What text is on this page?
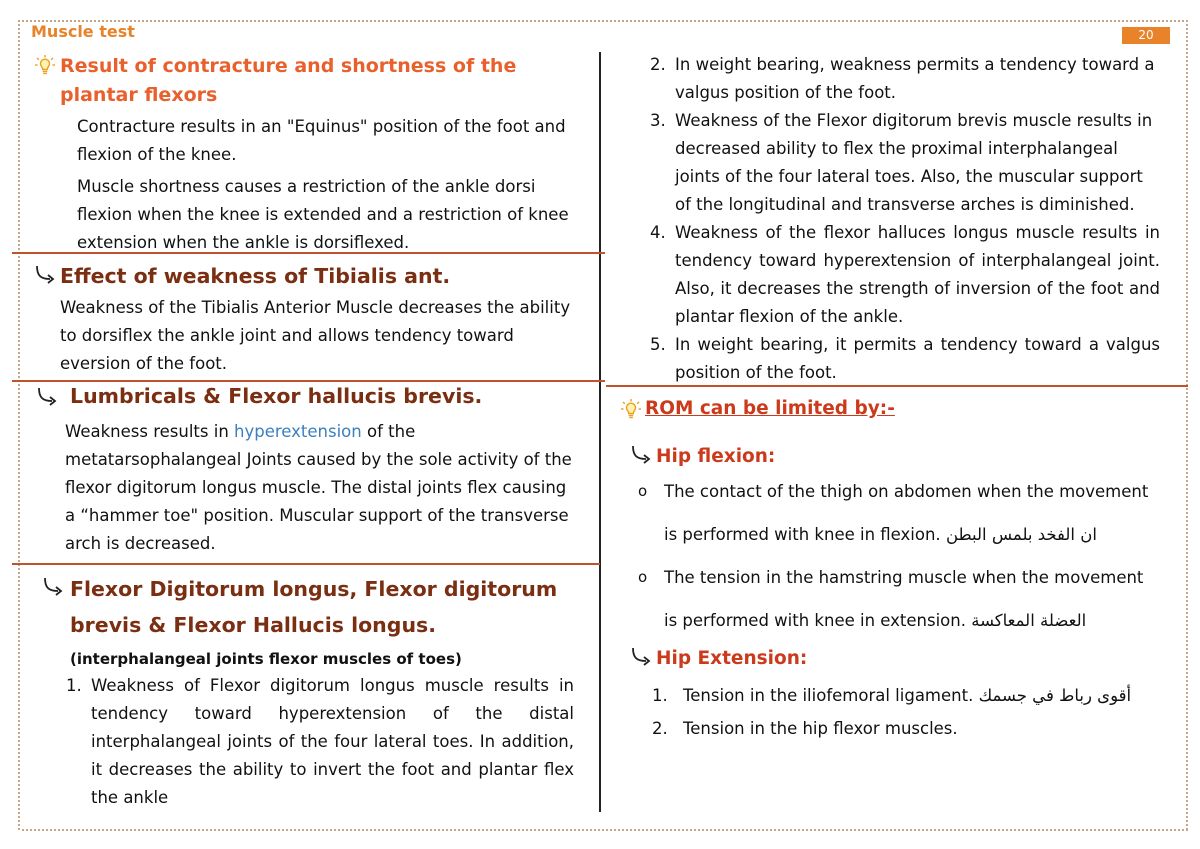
Muscle test	20
Result of contracture and shortness of the
plantar flexors

Contracture results in an "Equinus" position of the foot and flexion of the knee.

Muscle shortness causes a restriction of the ankle dorsi flexion when the knee is extended and a restriction of knee extension when the ankle is dorsiflexed.

Effect of weakness of Tibialis ant.
Weakness of the Tibialis Anterior Muscle decreases the ability to dorsiflex the ankle joint and allows tendency toward eversion of the foot.
Lumbricals & Flexor hallucis brevis.
Weakness results in hyperextension of the metatarsophalangeal Joints caused by the sole activity of the flexor digitorum longus muscle. The distal joints flex causing a “hammer toe" position. Muscular support of the transverse arch is decreased.
Flexor Digitorum longus, Flexor digitorum
brevis & Flexor Hallucis longus.
(interphalangeal joints flexor muscles of toes)
1. Weakness of Flexor digitorum longus muscle results in tendency toward hyperextension of the distal interphalangeal joints of the four lateral toes. In addition, it decreases the ability to invert the foot and plantar flex the ankle
2. In weight bearing, weakness permits a tendency toward a valgus position of the foot.
3. Weakness of the Flexor digitorum brevis muscle results in decreased ability to flex the proximal interphalangeal joints of the four lateral toes. Also, the muscular support of the longitudinal and transverse arches is diminished.
4. Weakness of the flexor halluces longus muscle results in tendency toward hyperextension of interphalangeal joint. Also, it decreases the strength of inversion of the foot and plantar flexion of the ankle.
5. In weight bearing, it permits a tendency toward a valgus position of the foot.
ROM can be limited by:-
Hip flexion:
o The contact of the thigh on abdomen when the movement
is performed with knee in flexion. ان الفخد بلمس البطن
o The tension in the hamstring muscle when the movement
is performed with knee in extension. العضلة المعاكسة
Hip Extension:
1. Tension in the iliofemoral ligament. أقوى رباط في جسمك
2. Tension in the hip flexor muscles.
